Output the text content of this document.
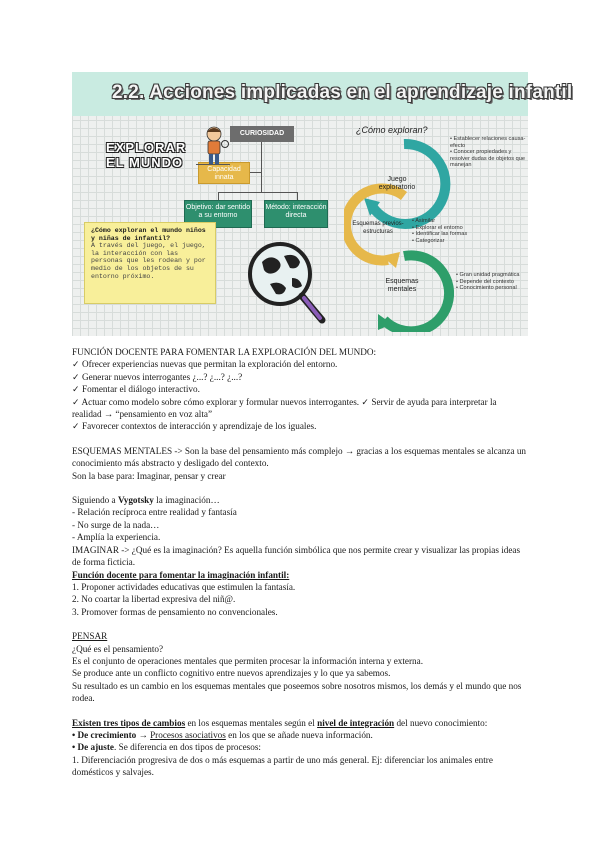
2.2. Acciones implicadas en el aprendizaje infantil
EXPLORAR EL MUNDO
CURIOSIDAD
Capacidad innata
Objetivo: dar sentido a su entorno
Método: interacción directa
¿Cómo exploran el mundo niños y niñas de infantil?
A través del juego, el juego, la interacción con las personas que les rodean y por medio de los objetos de su entorno próximo.
¿Cómo exploran?
Juego exploratorio
Esquemas previos-estructuras
Esquemas mentales
• Establecer relaciones causa-efecto
• Conocer propiedades y resolver dudas de objetos que manejan
• Asimilar
• Explorar el entorno
• Identificar las formas
• Categorizar
• Gran unidad pragmática
• Depende del contexto
• Conocimiento personal

FUNCIÓN DOCENTE PARA FOMENTAR LA EXPLORACIÓN DEL MUNDO:

✓ Ofrecer experiencias nuevas que permitan la exploración del entorno.

✓ Generar nuevos interrogantes ¿...? ¿...? ¿...?

✓ Fomentar el diálogo interactivo.

✓ Actuar como modelo sobre cómo explorar y formular nuevos interrogantes. ✓ Servir de ayuda para interpretar la realidad → “pensamiento en voz alta”

✓ Favorecer contextos de interacción y aprendizaje de los iguales.

ESQUEMAS MENTALES -> Son la base del pensamiento más complejo → gracias a los esquemas mentales se alcanza un conocimiento más abstracto y desligado del contexto.

Son la base para: Imaginar, pensar y crear

Siguiendo a Vygotsky la imaginación…

- Relación recíproca entre realidad y fantasía

- No surge de la nada…

- Amplía la experiencia.

IMAGINAR -> ¿Qué es la imaginación? Es aquella función simbólica que nos permite crear y visualizar las propias ideas de forma ficticia.

Función docente para fomentar la imaginación infantil:

1. Proponer actividades educativas que estimulen la fantasía.

2. No coartar la libertad expresiva del niñ@.

3. Promover formas de pensamiento no convencionales.

PENSAR

¿Qué es el pensamiento?

Es el conjunto de operaciones mentales que permiten procesar la información interna y externa.

Se produce ante un conflicto cognitivo entre nuevos aprendizajes y lo que ya sabemos.

Su resultado es un cambio en los esquemas mentales que poseemos sobre nosotros mismos, los demás y el mundo que nos rodea.

Existen tres tipos de cambios en los esquemas mentales según el nivel de integración del nuevo conocimiento:

• De crecimiento → Procesos asociativos en los que se añade nueva información.

• De ajuste. Se diferencia en dos tipos de procesos:

1. Diferenciación progresiva de dos o más esquemas a partir de uno más general. Ej: diferenciar los animales entre domésticos y salvajes.
